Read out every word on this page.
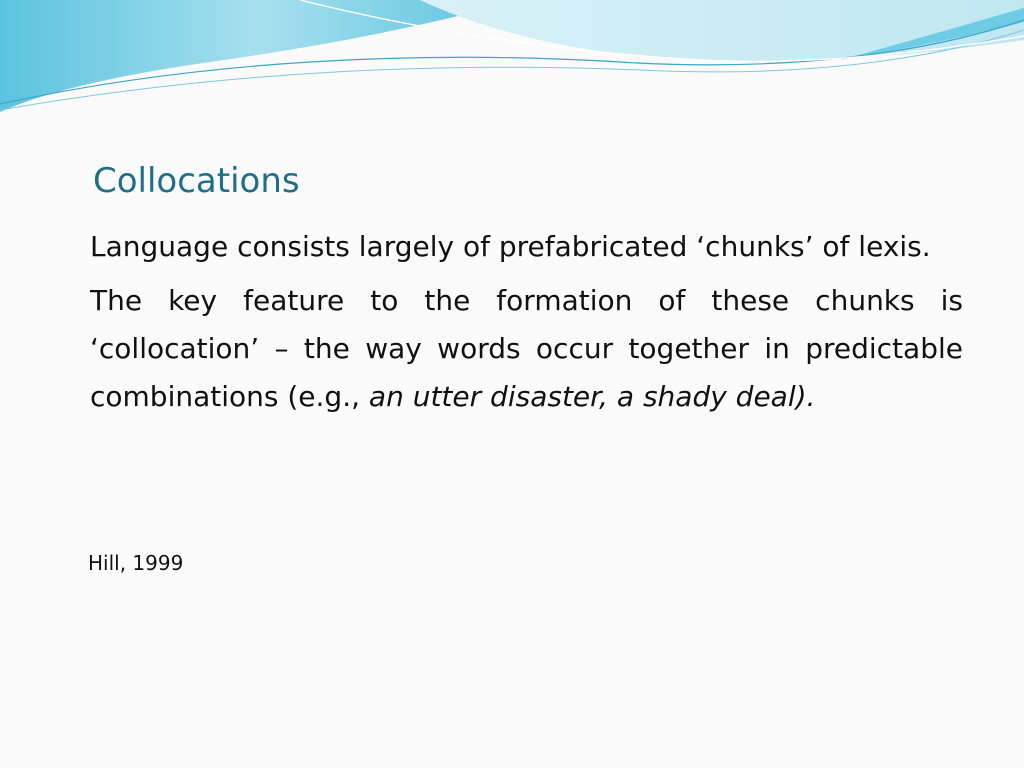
Collocations

Language consists largely of prefabricated ‘chunks’ of lexis.

The key feature to the formation of these chunks is ‘collocation’ – the way words occur together in predictable combinations (e.g., an utter disaster, a shady deal).

Hill, 1999
